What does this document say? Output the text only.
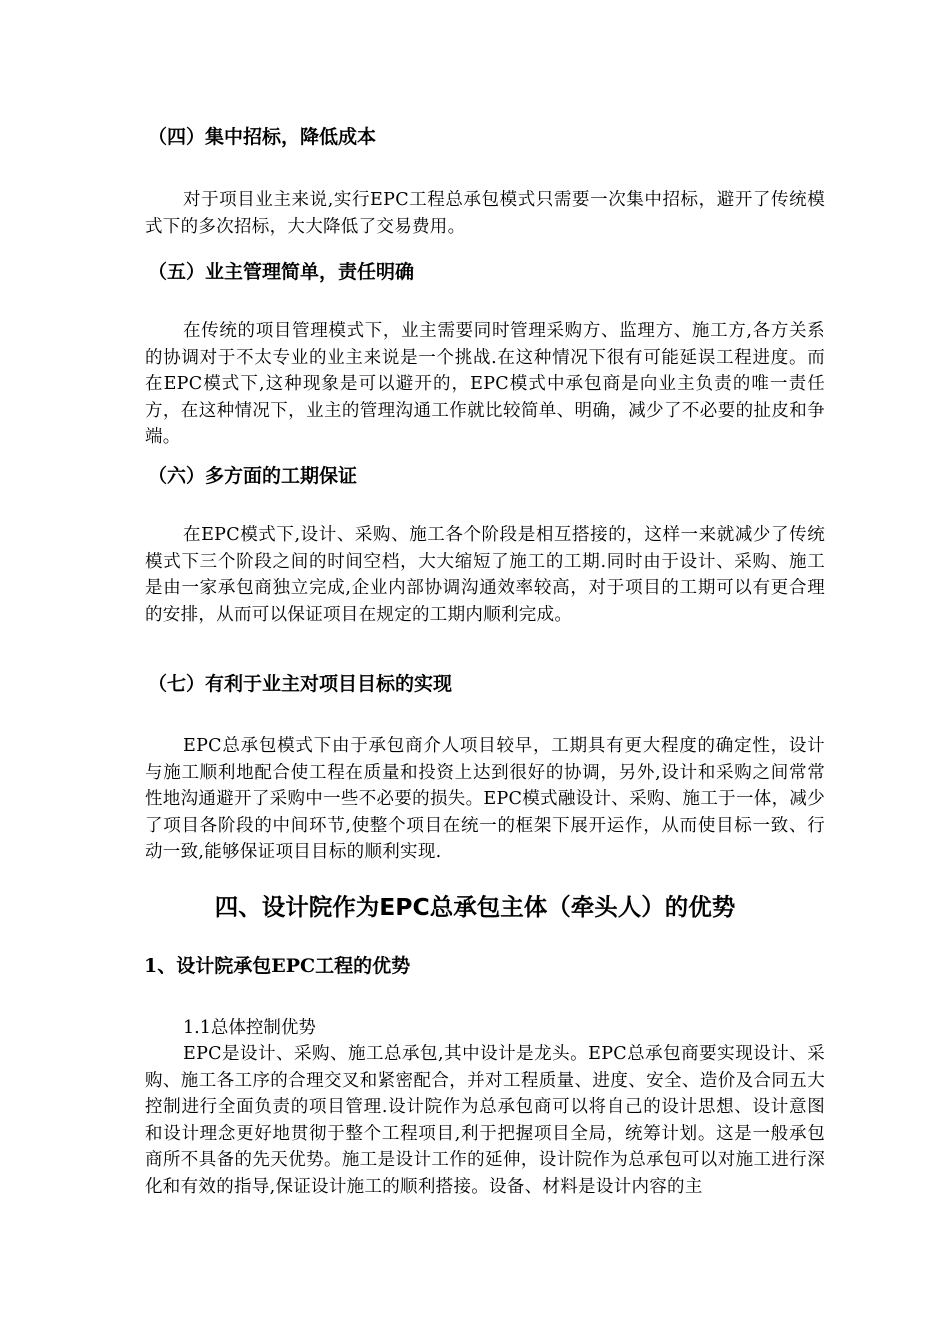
（四）集中招标，降低成本

对于项目业主来说,实行EPC工程总承包模式只需要一次集中招标，避开了传统模式下的多次招标，大大降低了交易费用。

（五）业主管理简单，责任明确

在传统的项目管理模式下，业主需要同时管理采购方、监理方、施工方,各方关系的协调对于不太专业的业主来说是一个挑战.在这种情况下很有可能延误工程进度。而在EPC模式下,这种现象是可以避开的，EPC模式中承包商是向业主负责的唯一责任方，在这种情况下，业主的管理沟通工作就比较简单、明确，减少了不必要的扯皮和争端。

（六）多方面的工期保证

在EPC模式下,设计、采购、施工各个阶段是相互搭接的，这样一来就减少了传统模式下三个阶段之间的时间空档，大大缩短了施工的工期.同时由于设计、采购、施工是由一家承包商独立完成,企业内部协调沟通效率较高，对于项目的工期可以有更合理的安排，从而可以保证项目在规定的工期内顺利完成。

（七）有利于业主对项目目标的实现

EPC总承包模式下由于承包商介人项目较早，工期具有更大程度的确定性，设计与施工顺利地配合使工程在质量和投资上达到很好的协调，另外,设计和采购之间常常性地沟通避开了采购中一些不必要的损失。EPC模式融设计、采购、施工于一体，减少了项目各阶段的中间环节,使整个项目在统一的框架下展开运作，从而使目标一致、行动一致,能够保证项目目标的顺利实现.

四、设计院作为EPC总承包主体（牵头人）的优势
1、设计院承包EPC工程的优势
1.1总体控制优势

EPC是设计、采购、施工总承包,其中设计是龙头。EPC总承包商要实现设计、采购、施工各工序的合理交叉和紧密配合，并对工程质量、进度、安全、造价及合同五大控制进行全面负责的项目管理.设计院作为总承包商可以将自己的设计思想、设计意图和设计理念更好地贯彻于整个工程项目,利于把握项目全局，统筹计划。这是一般承包商所不具备的先天优势。施工是设计工作的延伸，设计院作为总承包可以对施工进行深化和有效的指导,保证设计施工的顺利搭接。设备、材料是设计内容的主
